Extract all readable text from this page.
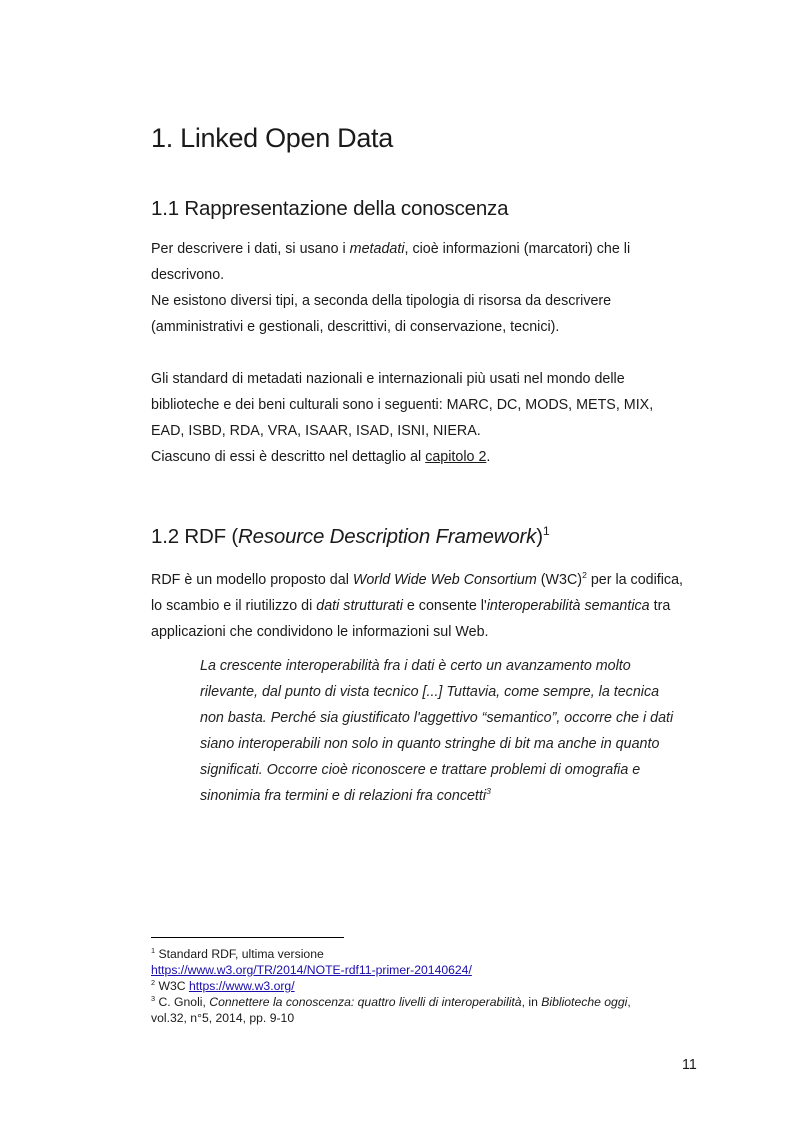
1. Linked Open Data
1.1 Rappresentazione della conoscenza

Per descrivere i dati, si usano i metadati, cioè informazioni (marcatori) che li

descrivono.

Ne esistono diversi tipi, a seconda della tipologia di risorsa da descrivere

(amministrativi e gestionali, descrittivi, di conservazione, tecnici).

Gli standard di metadati nazionali e internazionali più usati nel mondo delle

biblioteche e dei beni culturali sono i seguenti: MARC, DC, MODS, METS, MIX,

EAD, ISBD, RDA, VRA, ISAAR, ISAD, ISNI, NIERA.

Ciascuno di essi è descritto nel dettaglio al capitolo 2.

1.2 RDF (Resource Description Framework)$^1$

RDF è un modello proposto dal World Wide Web Consortium $(W3C)^2$ per la codifica,

lo scambio e il riutilizzo di dati strutturati e consente l'interoperabilità semantica tra

applicazioni che condividono le informazioni sul Web.

La crescente interoperabilità fra i dati è certo un avanzamento molto

rilevante, dal punto di vista tecnico [...] Tuttavia, come sempre, la tecnica

non basta. Perché sia giustificato l'aggettivo “semantico”, occorre che i dati

siano interoperabili non solo in quanto stringhe di bit ma anche in quanto

significati. Occorre cioè riconoscere e trattare problemi di omografia e

sinonimia fra termini e di relazioni fra concetti$^3$

$^1$ Standard RDF, ultima versione

https://www.w3.org/TR/2014/NOTE-rdf11-primer-20140624/

$^2$ W3C https://www.w3.org/

$^3$ C. Gnoli, Connettere la conoscenza: quattro livelli di interoperabilità, in Biblioteche oggi,

vol.32, n°5, 2014, pp. 9-10

11
